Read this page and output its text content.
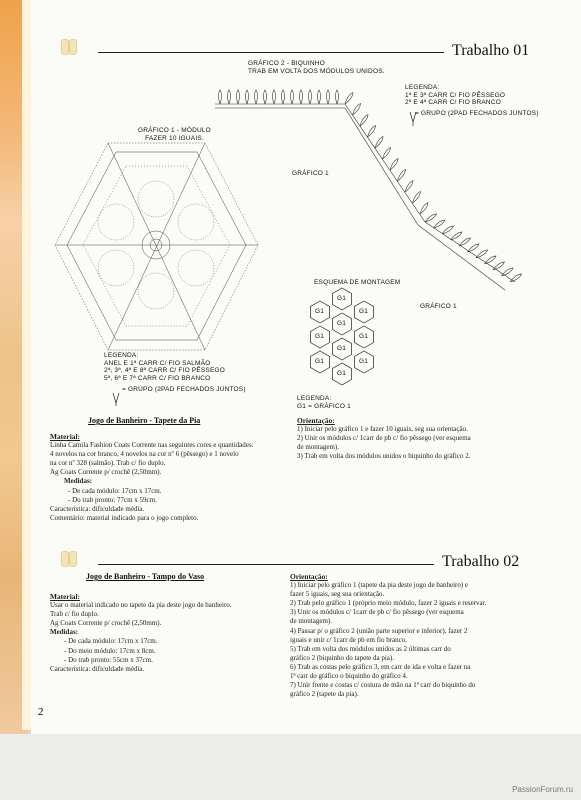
Trabalho 01
GRÁFICO 2 - BIQUINHO
TRAB EM VOLTA DOS MÓDULOS UNIDOS.
GRÁFICO 1 - MÓDULO
FAZER 10 IGUAIS.
LEGENDA:
1ª E 3ª CARR C/ FIO PÊSSEGO
2ª E 4ª CARR C/ FIO BRANCO
= GRUPO (2PAD FECHADOS JUNTOS)
GRÁFICO 1
GRÁFICO 1
LEGENDA:
ANEL E 1ª CARR C/ FIO SALMÃO
2ª, 3ª, 4ª E 8ª CARR C/ FIO PÊSSEGO
5ª, 6ª E 7ª CARR C/ FIO BRANCO
= GRUPO (2PAD FECHADOS JUNTOS)
ESQUEMA DE MONTAGEM
LEGENDA:
G1 = GRÁFICO 1
G1
G1	G1
G1
G1	G1
G1
G1	G1
G1
Jogo de Banheiro - Tapete da Pia
Material:
Linha Camila Fashion Coats Corrente nas seguintes cores e quantidades:
4 novelos na cor branco, 4 novelos na cor nº 6 (pêssego) e 1 novelo
na cor nº 328 (salmão). Trab c/ fio duplo.
Ag Coats Corrente p/ crochê (2,50mm).
Medidas:
- De cada módulo: 17cm x 17cm.
- Do trab pronto: 77cm x 59cm.
Característica: dificuldade média.
Comentário: material indicado para o jogo completo.
Orientação:
1) Iniciar pelo gráfico 1 e fazer 10 iguais, seg sua orientação.
2) Unir os módulos c/ 1carr de pb c/ fio pêssego (ver esquema
de montagem).
3) Trab em volta dos módulos unidos o biquinho do gráfico 2.
Trabalho 02
Jogo de Banheiro - Tampo do Vaso
Material:
Usar o material indicado no tapete da pia deste jogo de banheiro.
Trab c/ fio duplo.
Ag Coats Corrente p/ crochê (2,50mm).
Medidas:
- De cada módulo: 17cm x 17cm.
- Do meio módulo: 17cm x 8cm.
- Do trab pronto: 55cm x 37cm.
Característica: dificuldade média.
Orientação:
1) Iniciar pelo gráfico 1 (tapete da pia deste jogo de banheiro) e
fazer 5 iguais, seg sua orientação.
2) Trab pelo gráfico 1 (próprio meio módulo, fazer 2 iguais e reservar.
3) Unir os módulos c/ 1carr de pb c/ fio pêssego (ver esquema
de montagem).
4) Passar p/ o gráfico 2 (união parte superior e inferior), fazer 2
iguais e unir c/ 1carr de pb em fio branco.
5) Trab em volta dos módulos unidos as 2 últimas carr do
gráfico 2 (biquinho do tapete da pia).
6) Trab as costas pelo gráfico 3, em carr de ida e volta e fazer na
1ª carr do gráfico o biquinho do gráfico 4.
7) Unir frente e costas c/ costura de mão na 1ª carr do biquinho do
gráfico 2 (tapete da pia).
2
PassionForum.ru
